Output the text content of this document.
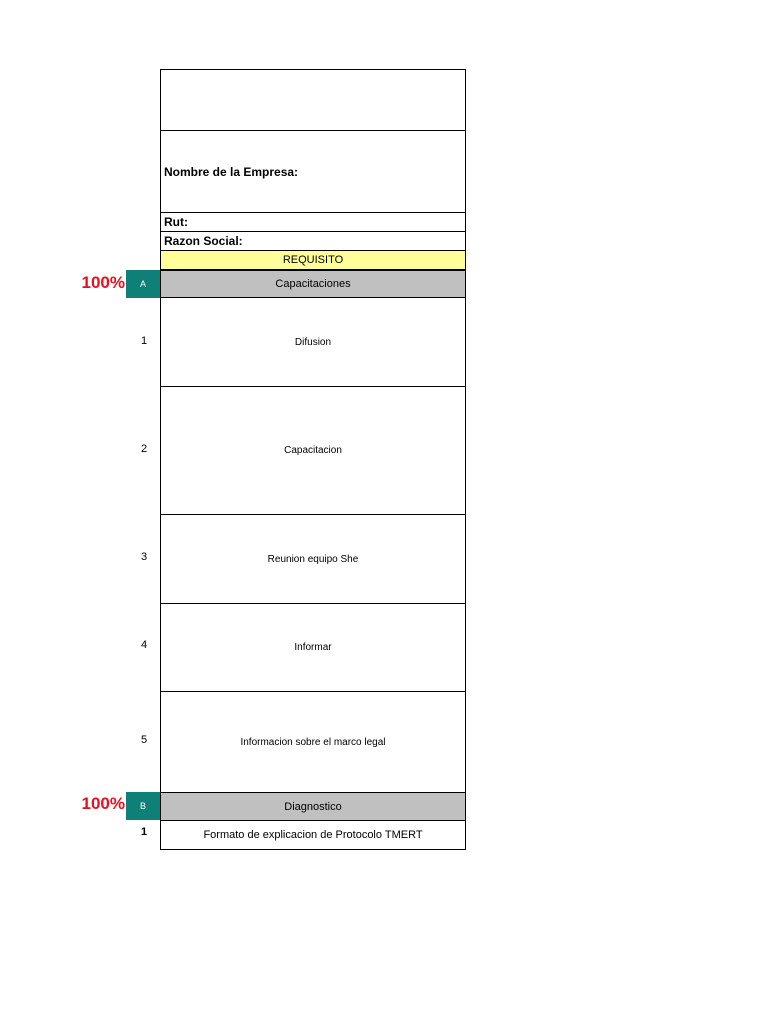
Nombre de la Empresa:
Rut:
Razon Social:
REQUISITO
100%	A	Capacitaciones
1	Difusion
2	Capacitacion
3	Reunion equipo She
4	Informar
5	Informacion sobre el marco legal
100%	B	Diagnostico
1	Formato de explicacion de Protocolo TMERT
